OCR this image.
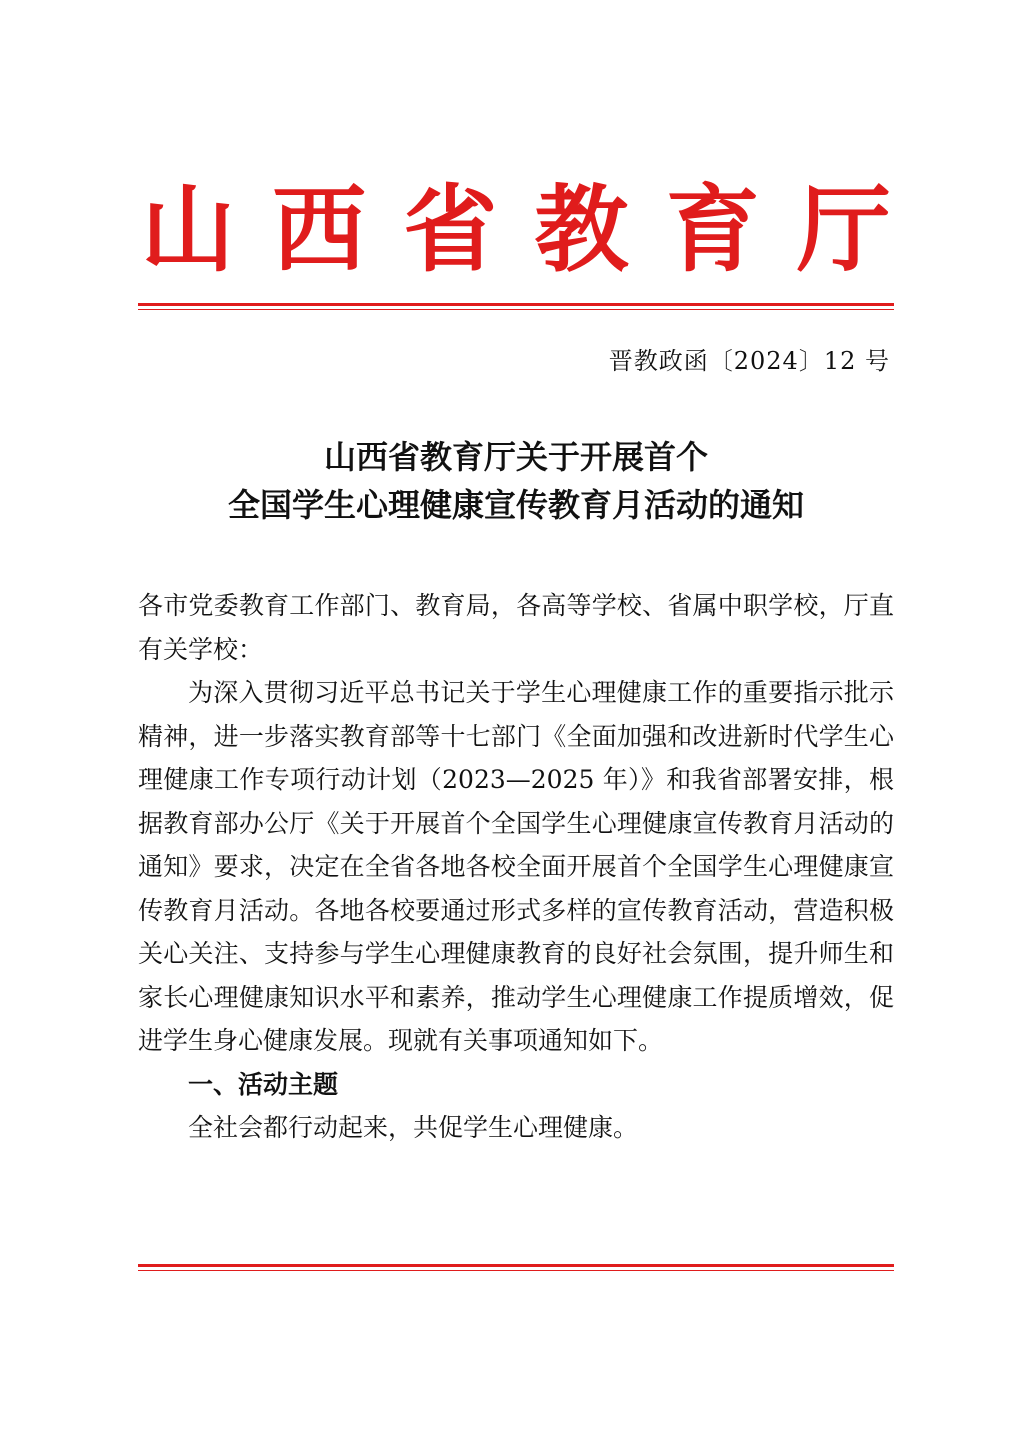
山 西 省 教 育 厅
晋教政函〔2024〕12 号
山西省教育厅关于开展首个
全国学生心理健康宣传教育月活动的通知

各市党委教育工作部门、教育局，各高等学校、省属中职学校，厅直有关学校：

为深入贯彻习近平总书记关于学生心理健康工作的重要指示批示精神，进一步落实教育部等十七部门《全面加强和改进新时代学生心理健康工作专项行动计划（2023—2025 年）》和我省部署安排，根据教育部办公厅《关于开展首个全国学生心理健康宣传教育月活动的通知》要求，决定在全省各地各校全面开展首个全国学生心理健康宣传教育月活动。各地各校要通过形式多样的宣传教育活动，营造积极关心关注、支持参与学生心理健康教育的良好社会氛围，提升师生和家长心理健康知识水平和素养，推动学生心理健康工作提质增效，促进学生身心健康发展。现就有关事项通知如下。

一、活动主题

全社会都行动起来，共促学生心理健康。
